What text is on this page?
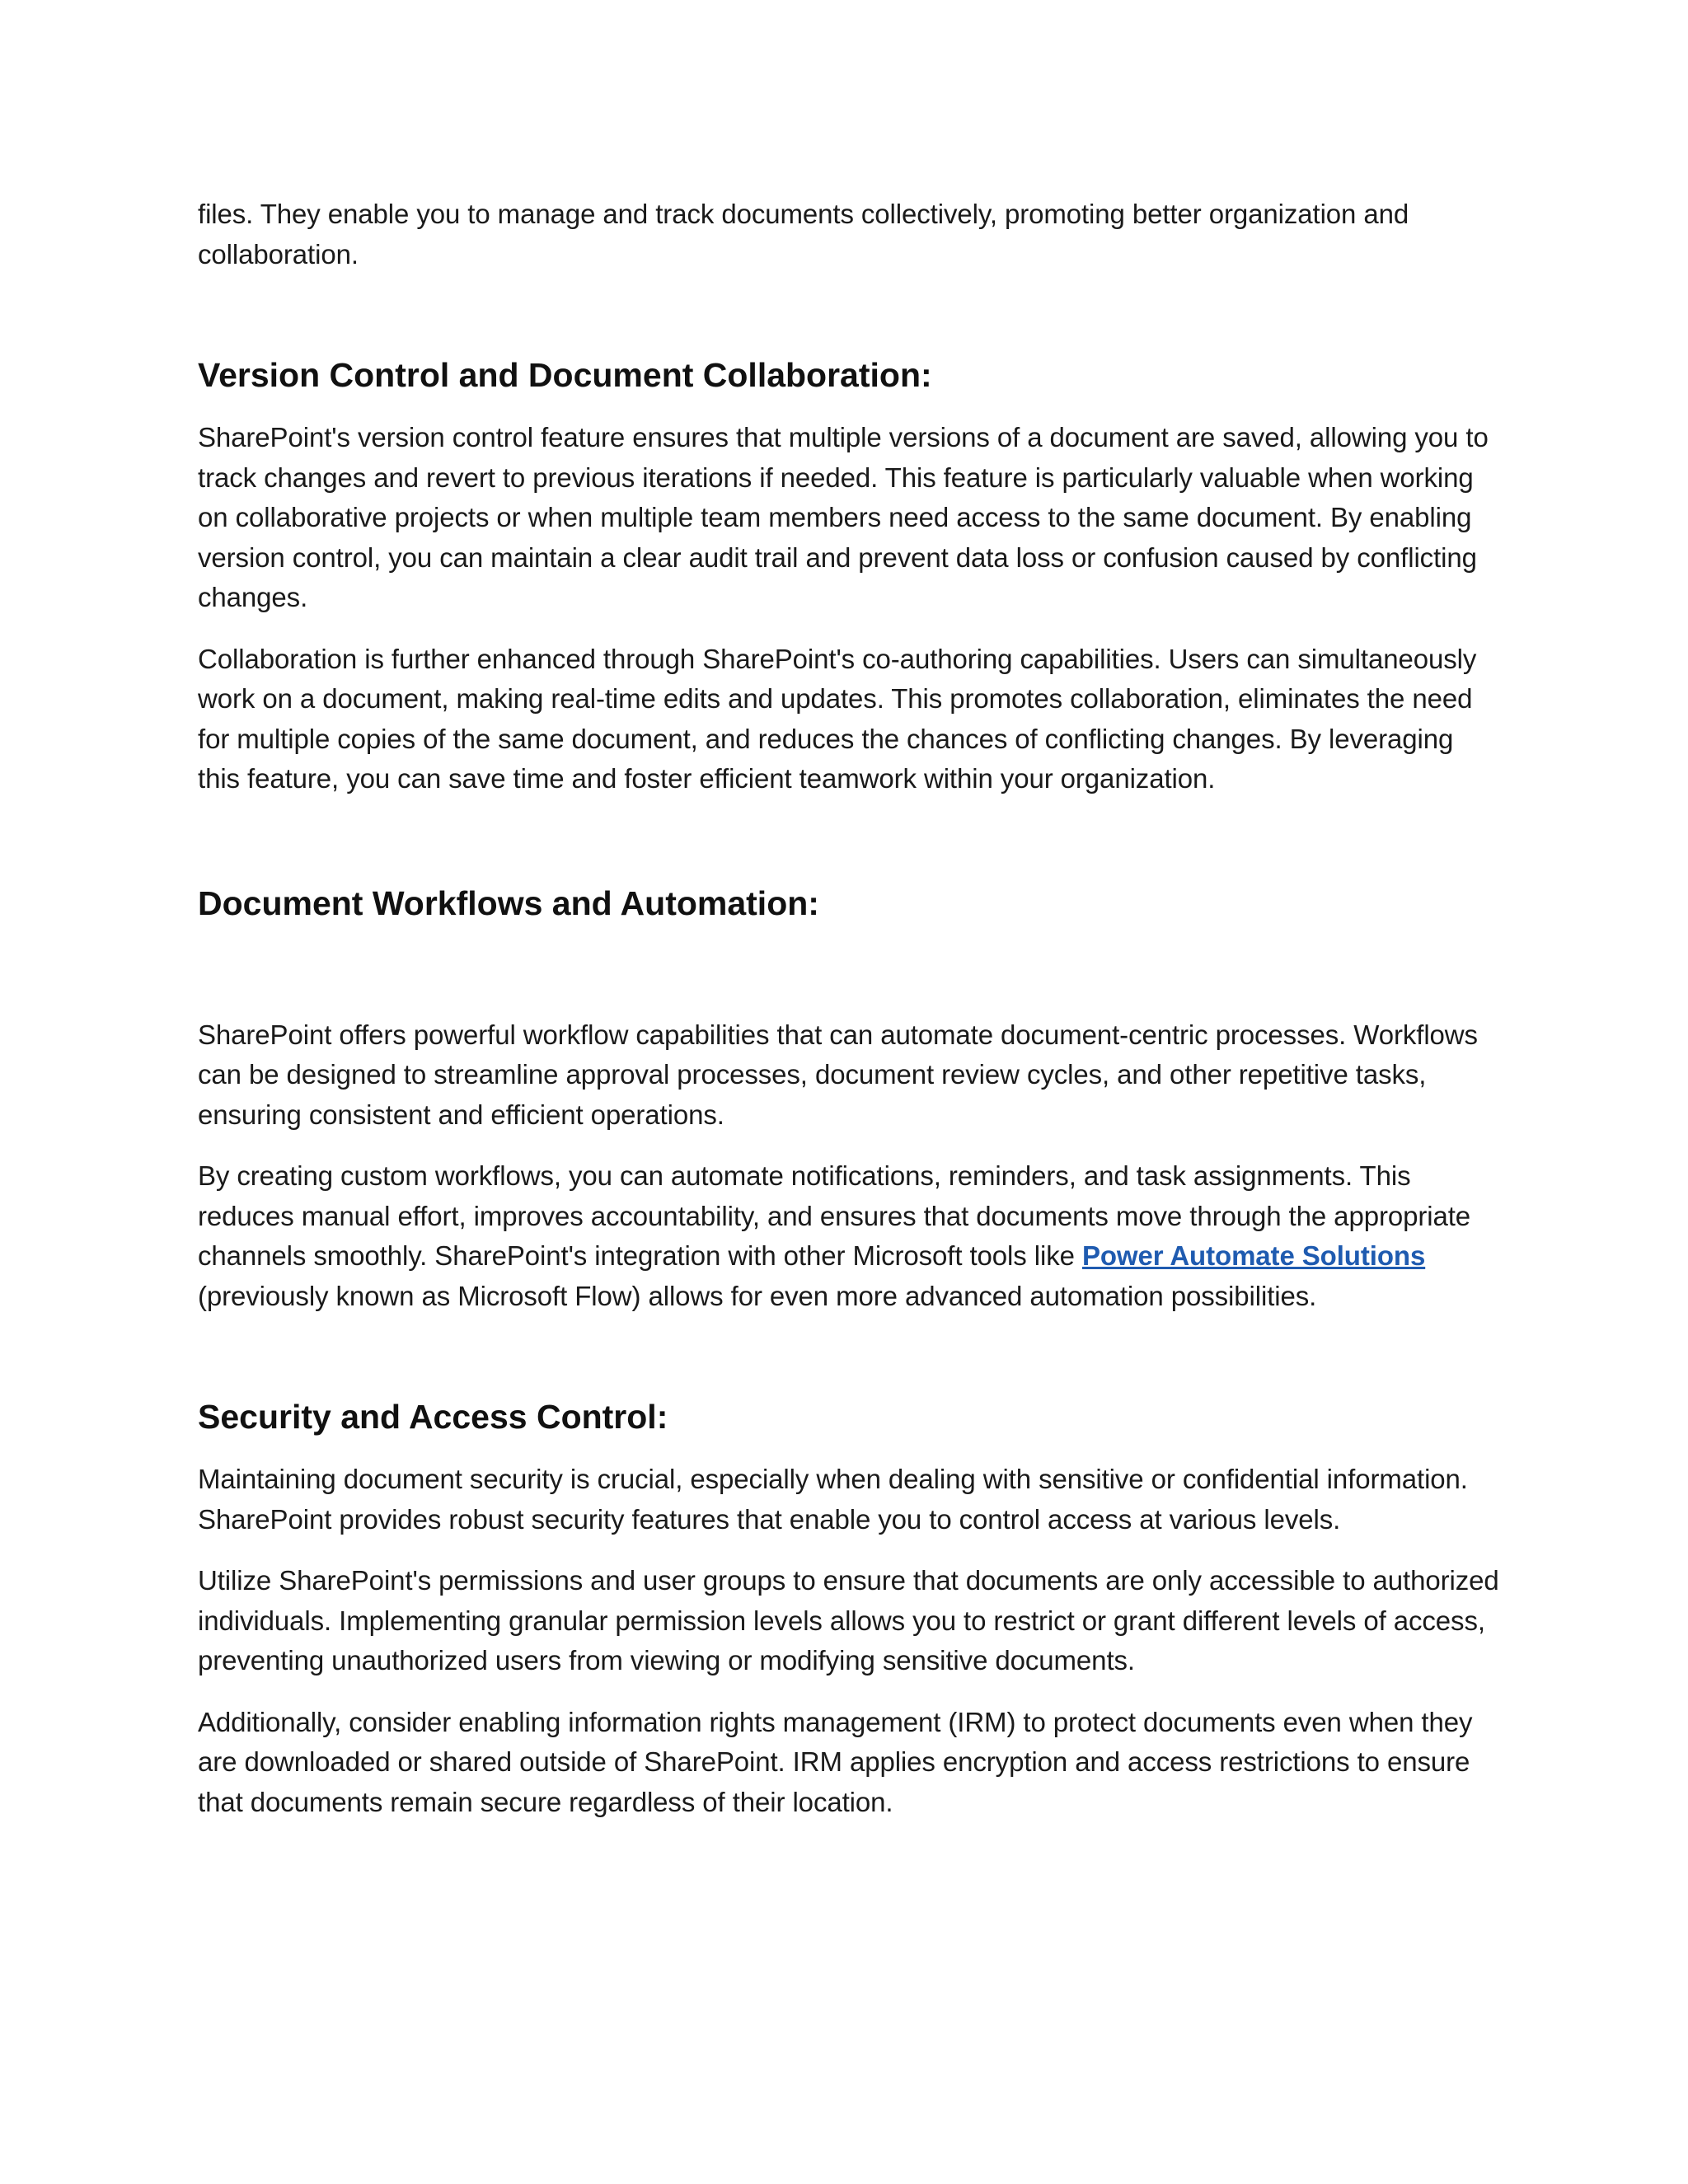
files. They enable you to manage and track documents collectively, promoting better organization and collaboration.

Version Control and Document Collaboration:

SharePoint's version control feature ensures that multiple versions of a document are saved, allowing you to track changes and revert to previous iterations if needed. This feature is particularly valuable when working on collaborative projects or when multiple team members need access to the same document. By enabling version control, you can maintain a clear audit trail and prevent data loss or confusion caused by conflicting changes.

Collaboration is further enhanced through SharePoint's co-authoring capabilities. Users can simultaneously work on a document, making real-time edits and updates. This promotes collaboration, eliminates the need for multiple copies of the same document, and reduces the chances of conflicting changes. By leveraging this feature, you can save time and foster efficient teamwork within your organization.

Document Workflows and Automation:

SharePoint offers powerful workflow capabilities that can automate document-centric processes. Workflows can be designed to streamline approval processes, document review cycles, and other repetitive tasks, ensuring consistent and efficient operations.

By creating custom workflows, you can automate notifications, reminders, and task assignments. This reduces manual effort, improves accountability, and ensures that documents move through the appropriate channels smoothly. SharePoint's integration with other Microsoft tools like Power Automate Solutions (previously known as Microsoft Flow) allows for even more advanced automation possibilities.

Security and Access Control:

Maintaining document security is crucial, especially when dealing with sensitive or confidential information. SharePoint provides robust security features that enable you to control access at various levels.

Utilize SharePoint's permissions and user groups to ensure that documents are only accessible to authorized individuals. Implementing granular permission levels allows you to restrict or grant different levels of access, preventing unauthorized users from viewing or modifying sensitive documents.

Additionally, consider enabling information rights management (IRM) to protect documents even when they are downloaded or shared outside of SharePoint. IRM applies encryption and access restrictions to ensure that documents remain secure regardless of their location.
